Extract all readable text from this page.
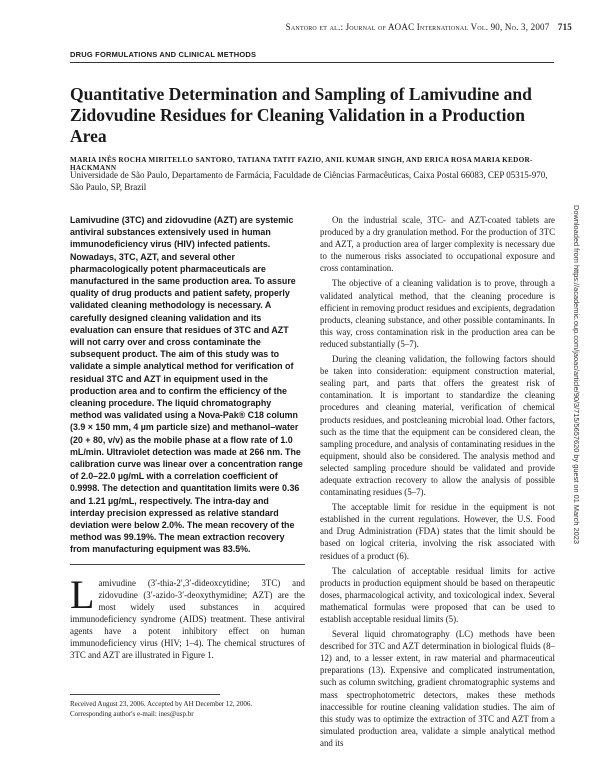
Santoro et al.: Journal of AOAC International Vol. 90, No. 3, 2007 715
DRUG FORMULATIONS AND CLINICAL METHODS
Quantitative Determination and Sampling of Lamivudine and Zidovudine Residues for Cleaning Validation in a Production Area
MARIA INÊS ROCHA MIRITELLO SANTORO, TATIANA TATIT FAZIO, ANIL KUMAR SINGH, AND ERICA ROSA MARIA KEDOR-HACKMANN
Universidade de São Paulo, Departamento de Farmácia, Faculdade de Ciências Farmacêuticas, Caixa Postal 66083, CEP 05315-970, São Paulo, SP, Brazil

Lamivudine (3TC) and zidovudine (AZT) are systemic antiviral substances extensively used in human immunodeficiency virus (HIV) infected patients. Nowadays, 3TC, AZT, and several other pharmacologically potent pharmaceuticals are manufactured in the same production area. To assure quality of drug products and patient safety, properly validated cleaning methodology is necessary. A carefully designed cleaning validation and its evaluation can ensure that residues of 3TC and AZT will not carry over and cross contaminate the subsequent product. The aim of this study was to validate a simple analytical method for verification of residual 3TC and AZT in equipment used in the production area and to confirm the efficiency of the cleaning procedure. The liquid chromatography method was validated using a Nova-Pak® C18 column (3.9 × 150 mm, 4 µm particle size) and methanol–water (20 + 80, v/v) as the mobile phase at a flow rate of 1.0 mL/min. Ultraviolet detection was made at 266 nm. The calibration curve was linear over a concentration range of 2.0–22.0 µg/mL with a correlation coefficient of 0.9998. The detection and quantitation limits were 0.36 and 1.21 µg/mL, respectively. The intra-day and interday precision expressed as relative standard deviation were below 2.0%. The mean recovery of the method was 99.19%. The mean extraction recovery from manufacturing equipment was 83.5%.

L amivudine (3′-thia-2′,3′-dideoxcytidine; 3TC) and zidovudine (3′-azido-3′-deoxythymidine; AZT) are the most widely used substances in acquired immunodeficiency syndrome (AIDS) treatment. These antiviral agents have a potent inhibitory effect on human immunodeficiency virus (HIV; 1–4). The chemical structures of 3TC and AZT are illustrated in Figure 1.

On the industrial scale, 3TC- and AZT-coated tablets are produced by a dry granulation method. For the production of 3TC and AZT, a production area of larger complexity is necessary due to the numerous risks associated to occupational exposure and cross contamination.

The objective of a cleaning validation is to prove, through a validated analytical method, that the cleaning procedure is efficient in removing product residues and excipients, degradation products, cleaning substance, and other possible contaminants. In this way, cross contamination risk in the production area can be reduced substantially (5–7).

During the cleaning validation, the following factors should be taken into consideration: equipment construction material, sealing part, and parts that offers the greatest risk of contamination. It is important to standardize the cleaning procedures and cleaning material, verification of chemical products residues, and postcleaning microbial load. Other factors, such as the time that the equipment can be considered clean, the sampling procedure, and analysis of contaminating residues in the equipment, should also be considered. The analysis method and selected sampling procedure should be validated and provide adequate extraction recovery to allow the analysis of possible contaminating residues (5–7).

The acceptable limit for residue in the equipment is not established in the current regulations. However, the U.S. Food and Drug Administration (FDA) states that the limit should be based on logical criteria, involving the risk associated with residues of a product (6).

The calculation of acceptable residual limits for active products in production equipment should be based on therapeutic doses, pharmacological activity, and toxicological index. Several mathematical formulas were proposed that can be used to establish acceptable residual limits (5).

Several liquid chromatography (LC) methods have been described for 3TC and AZT determination in biological fluids (8–12) and, to a lesser extent, in raw material and pharmaceutical preparations (13). Expensive and complicated instrumentation, such as column switching, gradient chromatographic systems and mass spectrophotometric detectors, makes these methods inaccessible for routine cleaning validation studies. The aim of this study was to optimize the extraction of 3TC and AZT from a simulated production area, validate a simple analytical method and its

Received August 23, 2006. Accepted by AH December 12, 2006.
Corresponding author's e-mail: ines@usp.br
Downloaded from https://academic.oup.com/jaoac/article/90/3/715/5657620 by guest on 01 March 2023
